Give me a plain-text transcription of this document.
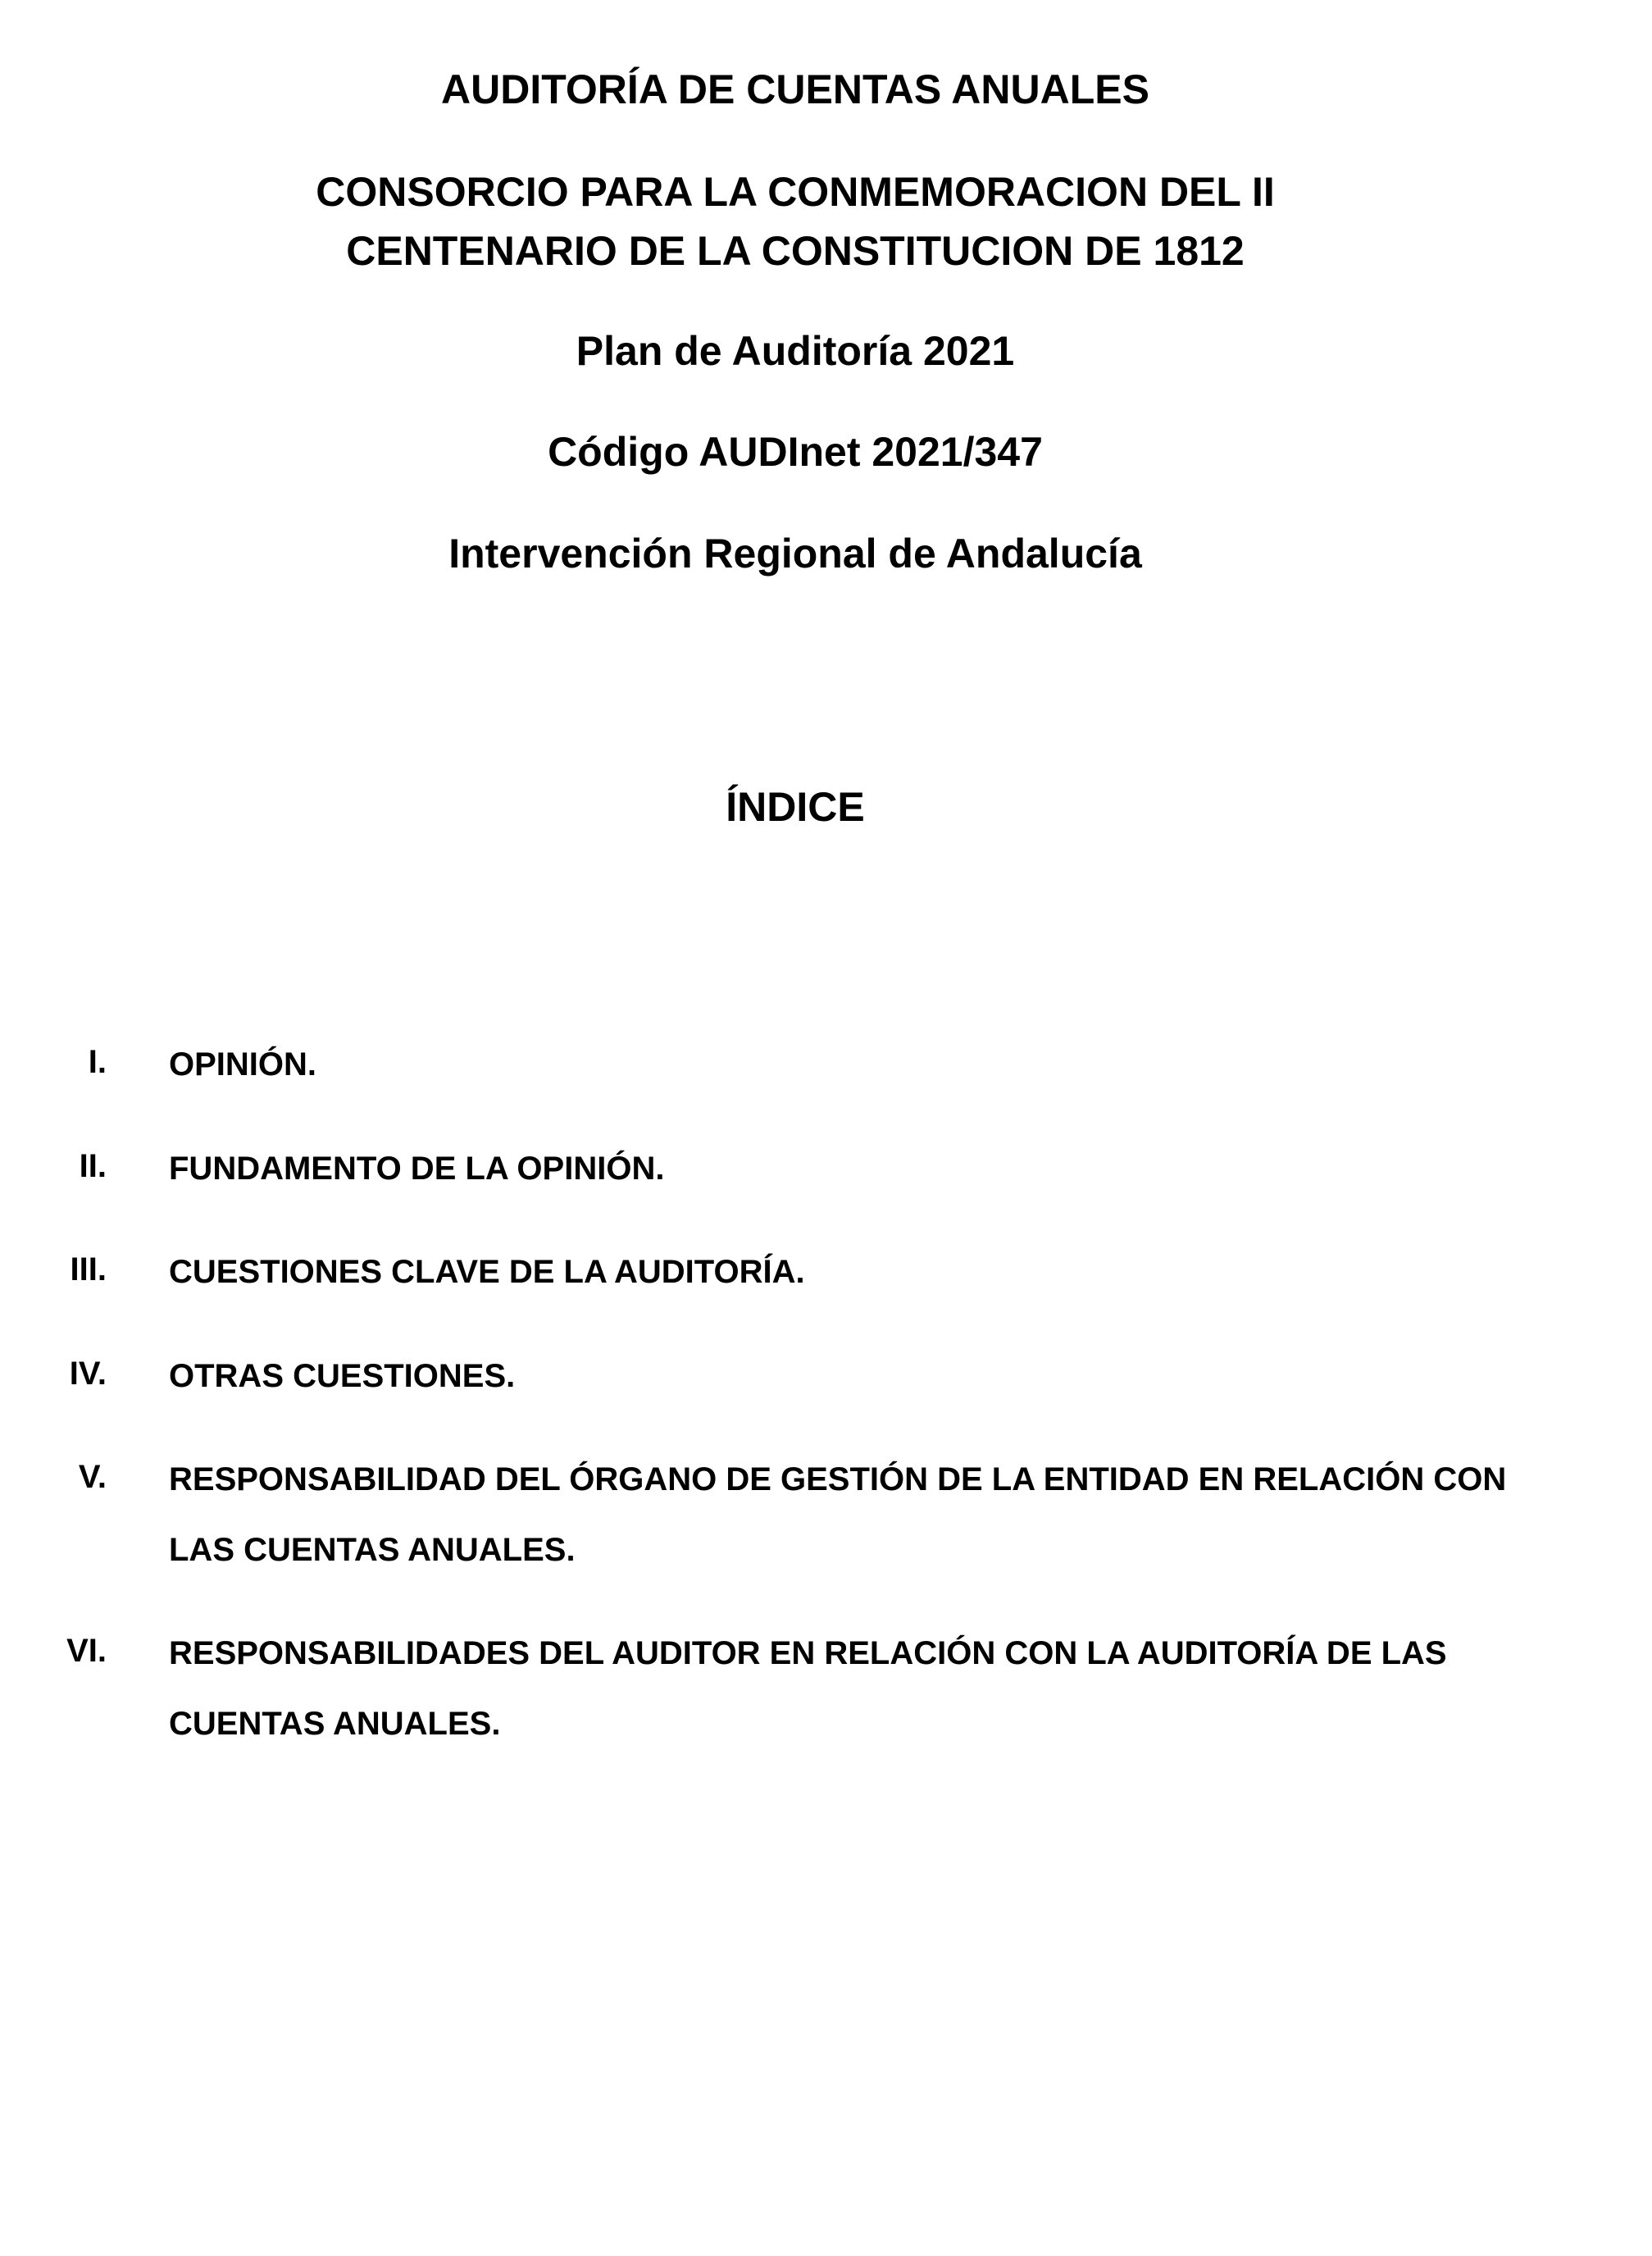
AUDITORÍA DE CUENTAS ANUALES
CONSORCIO PARA LA CONMEMORACION DEL II
CENTENARIO DE LA CONSTITUCION DE 1812
Plan de Auditoría 2021
Código AUDInet 2021/347
Intervención Regional de Andalucía
ÍNDICE
I. OPINIÓN.
II. FUNDAMENTO DE LA OPINIÓN.
III. CUESTIONES CLAVE DE LA AUDITORÍA.
IV. OTRAS CUESTIONES.
V. RESPONSABILIDAD DEL ÓRGANO DE GESTIÓN DE LA ENTIDAD EN RELACIÓN CON LAS CUENTAS ANUALES.
VI. RESPONSABILIDADES DEL AUDITOR EN RELACIÓN CON LA AUDITORÍA DE LAS CUENTAS ANUALES.
